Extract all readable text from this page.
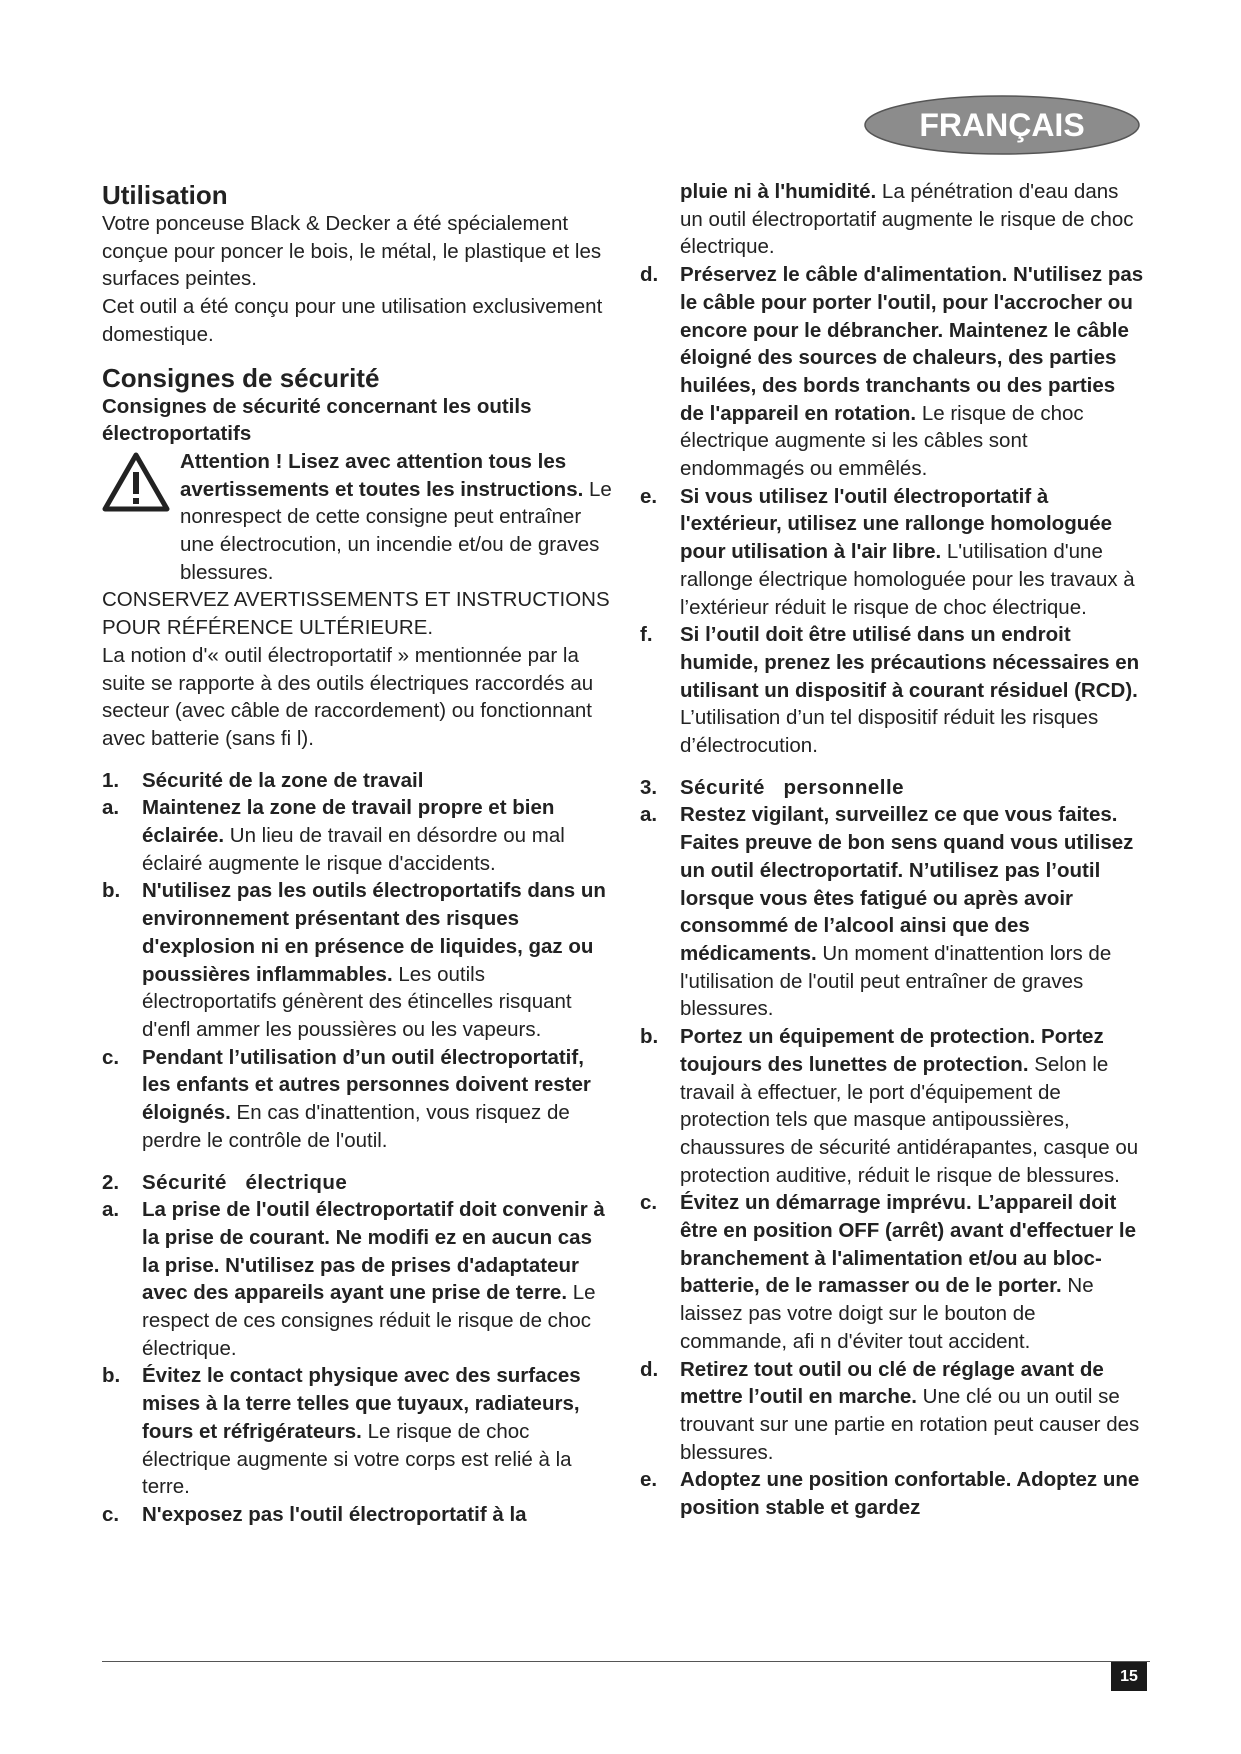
FRANÇAIS

Utilisation

Votre ponceuse Black & Decker a été spécialement conçue pour poncer le bois, le métal, le plastique et les surfaces peintes.

Cet outil a été conçu pour une utilisation exclusivement domestique.

Consignes de sécurité

Consignes de sécurité concernant les outils électroportatifs

Attention ! Lisez avec attention tous les avertissements et toutes les instructions. Le nonrespect de cette consigne peut entraîner une électrocution, un incendie et/ou de graves blessures.

CONSERVEZ AVERTISSEMENTS ET INSTRUCTIONS POUR RÉFÉRENCE ULTÉRIEURE.

La notion d'« outil électroportatif » mentionnée par la suite se rapporte à des outils électriques raccordés au secteur (avec câble de raccordement) ou fonctionnant avec batterie (sans fi l).

1. Sécurité de la zone de travail
a. Maintenez la zone de travail propre et bien éclairée. Un lieu de travail en désordre ou mal éclairé augmente le risque d'accidents.
b. N'utilisez pas les outils électroportatifs dans un environnement présentant des risques d'explosion ni en présence de liquides, gaz ou poussières inflammables. Les outils électroportatifs génèrent des étincelles risquant d'enfl ammer les poussières ou les vapeurs.
c. Pendant l’utilisation d’un outil électroportatif, les enfants et autres personnes doivent rester éloignés. En cas d'inattention, vous risquez de perdre le contrôle de l'outil.
2. Sécurité   électrique
a. La prise de l'outil électroportatif doit convenir à la prise de courant. Ne modifi ez en aucun cas la prise. N'utilisez pas de prises d'adaptateur avec des appareils ayant une prise de terre. Le respect de ces consignes réduit le risque de choc électrique.
b. Évitez le contact physique avec des surfaces mises à la terre telles que tuyaux, radiateurs, fours et réfrigérateurs. Le risque de choc électrique augmente si votre corps est relié à la terre.
c. N'exposez pas l'outil électroportatif à la
pluie ni à l'humidité. La pénétration d'eau dans un outil électroportatif augmente le risque de choc électrique.
d. Préservez le câble d'alimentation. N'utilisez pas le câble pour porter l'outil, pour l'accrocher ou encore pour le débrancher. Maintenez le câble éloigné des sources de chaleurs, des parties huilées, des bords tranchants ou des parties de l'appareil en rotation. Le risque de choc électrique augmente si les câbles sont endommagés ou emmêlés.
e. Si vous utilisez l'outil électroportatif à l'extérieur, utilisez une rallonge homologuée pour utilisation à l'air libre. L'utilisation d'une rallonge électrique homologuée pour les travaux à l’extérieur réduit le risque de choc électrique.
f. Si l’outil doit être utilisé dans un endroit humide, prenez les précautions nécessaires en utilisant un dispositif à courant résiduel (RCD). L’utilisation d’un tel dispositif réduit les risques d’électrocution.
3. Sécurité   personnelle
a. Restez vigilant, surveillez ce que vous faites. Faites preuve de bon sens quand vous utilisez un outil électroportatif. N’utilisez pas l’outil lorsque vous êtes fatigué ou après avoir consommé de l’alcool ainsi que des médicaments. Un moment d'inattention lors de l'utilisation de l'outil peut entraîner de graves blessures.
b. Portez un équipement de protection. Portez toujours des lunettes de protection. Selon le travail à effectuer, le port d'équipement de protection tels que masque antipoussières, chaussures de sécurité antidérapantes, casque ou protection auditive, réduit le risque de blessures.
c. Évitez un démarrage imprévu. L’appareil doit être en position OFF (arrêt) avant d'effectuer le branchement à l'alimentation et/ou au bloc-batterie, de le ramasser ou de le porter. Ne laissez pas votre doigt sur le bouton de commande, afi n d'éviter tout accident.
d. Retirez tout outil ou clé de réglage avant de mettre l’outil en marche. Une clé ou un outil se trouvant sur une partie en rotation peut causer des blessures.
e. Adoptez une position confortable. Adoptez une position stable et gardez
15
